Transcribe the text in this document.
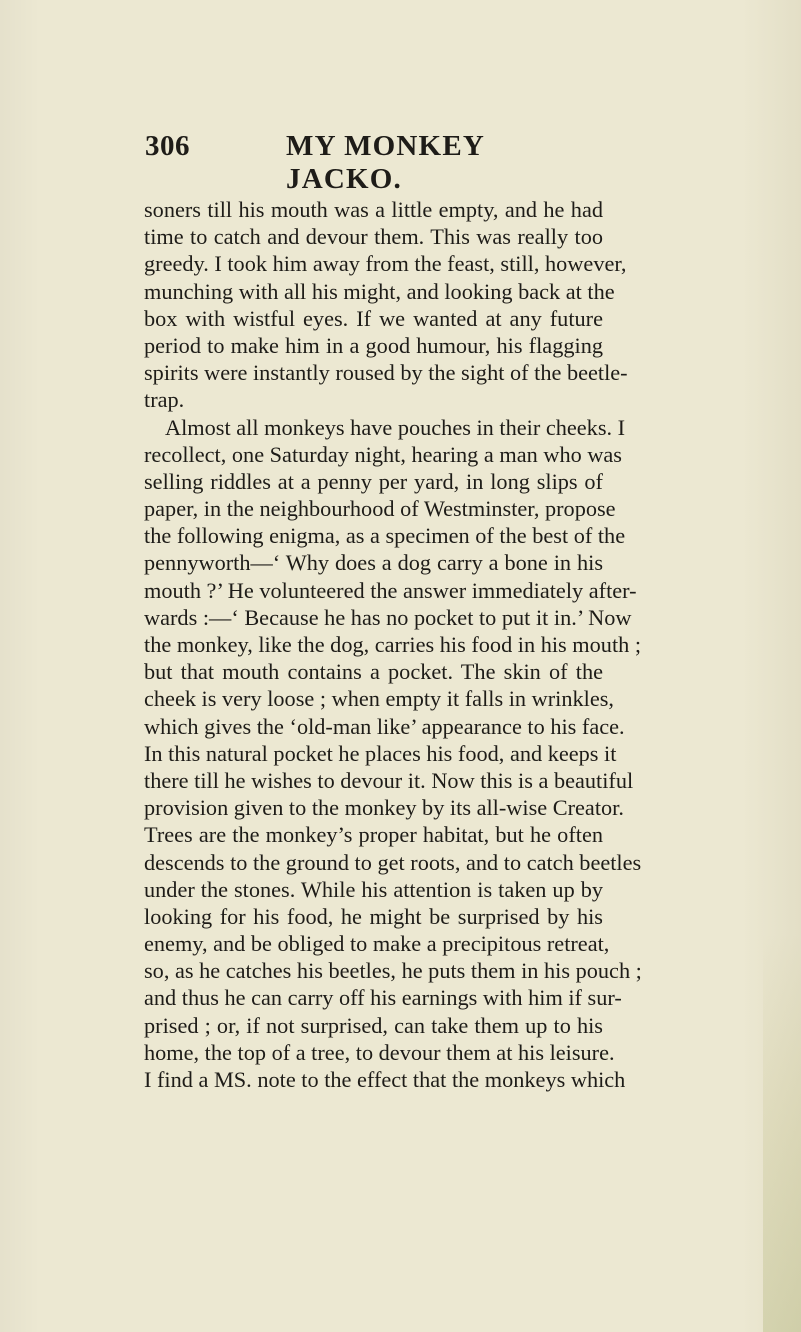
306	MY MONKEY JACKO.
soners till his mouth was a little empty, and he had
time to catch and devour them. This was really too
greedy. I took him away from the feast, still, however,
munching with all his might, and looking back at the
box with wistful eyes. If we wanted at any future
period to make him in a good humour, his flagging
spirits were instantly roused by the sight of the beetle-
trap.
Almost all monkeys have pouches in their cheeks. I
recollect, one Saturday night, hearing a man who was
selling riddles at a penny per yard, in long slips of
paper, in the neighbourhood of Westminster, propose
the following enigma, as a specimen of the best of the
pennyworth—‘ Why does a dog carry a bone in his
mouth ?’ He volunteered the answer immediately after-
wards :—‘ Because he has no pocket to put it in.’ Now
the monkey, like the dog, carries his food in his mouth ;
but that mouth contains a pocket. The skin of the
cheek is very loose ; when empty it falls in wrinkles,
which gives the ‘old-man like’ appearance to his face.
In this natural pocket he places his food, and keeps it
there till he wishes to devour it. Now this is a beautiful
provision given to the monkey by its all-wise Creator.
Trees are the monkey’s proper habitat, but he often
descends to the ground to get roots, and to catch beetles
under the stones. While his attention is taken up by
looking for his food, he might be surprised by his
enemy, and be obliged to make a precipitous retreat,
so, as he catches his beetles, he puts them in his pouch ;
and thus he can carry off his earnings with him if sur-
prised ; or, if not surprised, can take them up to his
home, the top of a tree, to devour them at his leisure.
I find a MS. note to the effect that the monkeys which
